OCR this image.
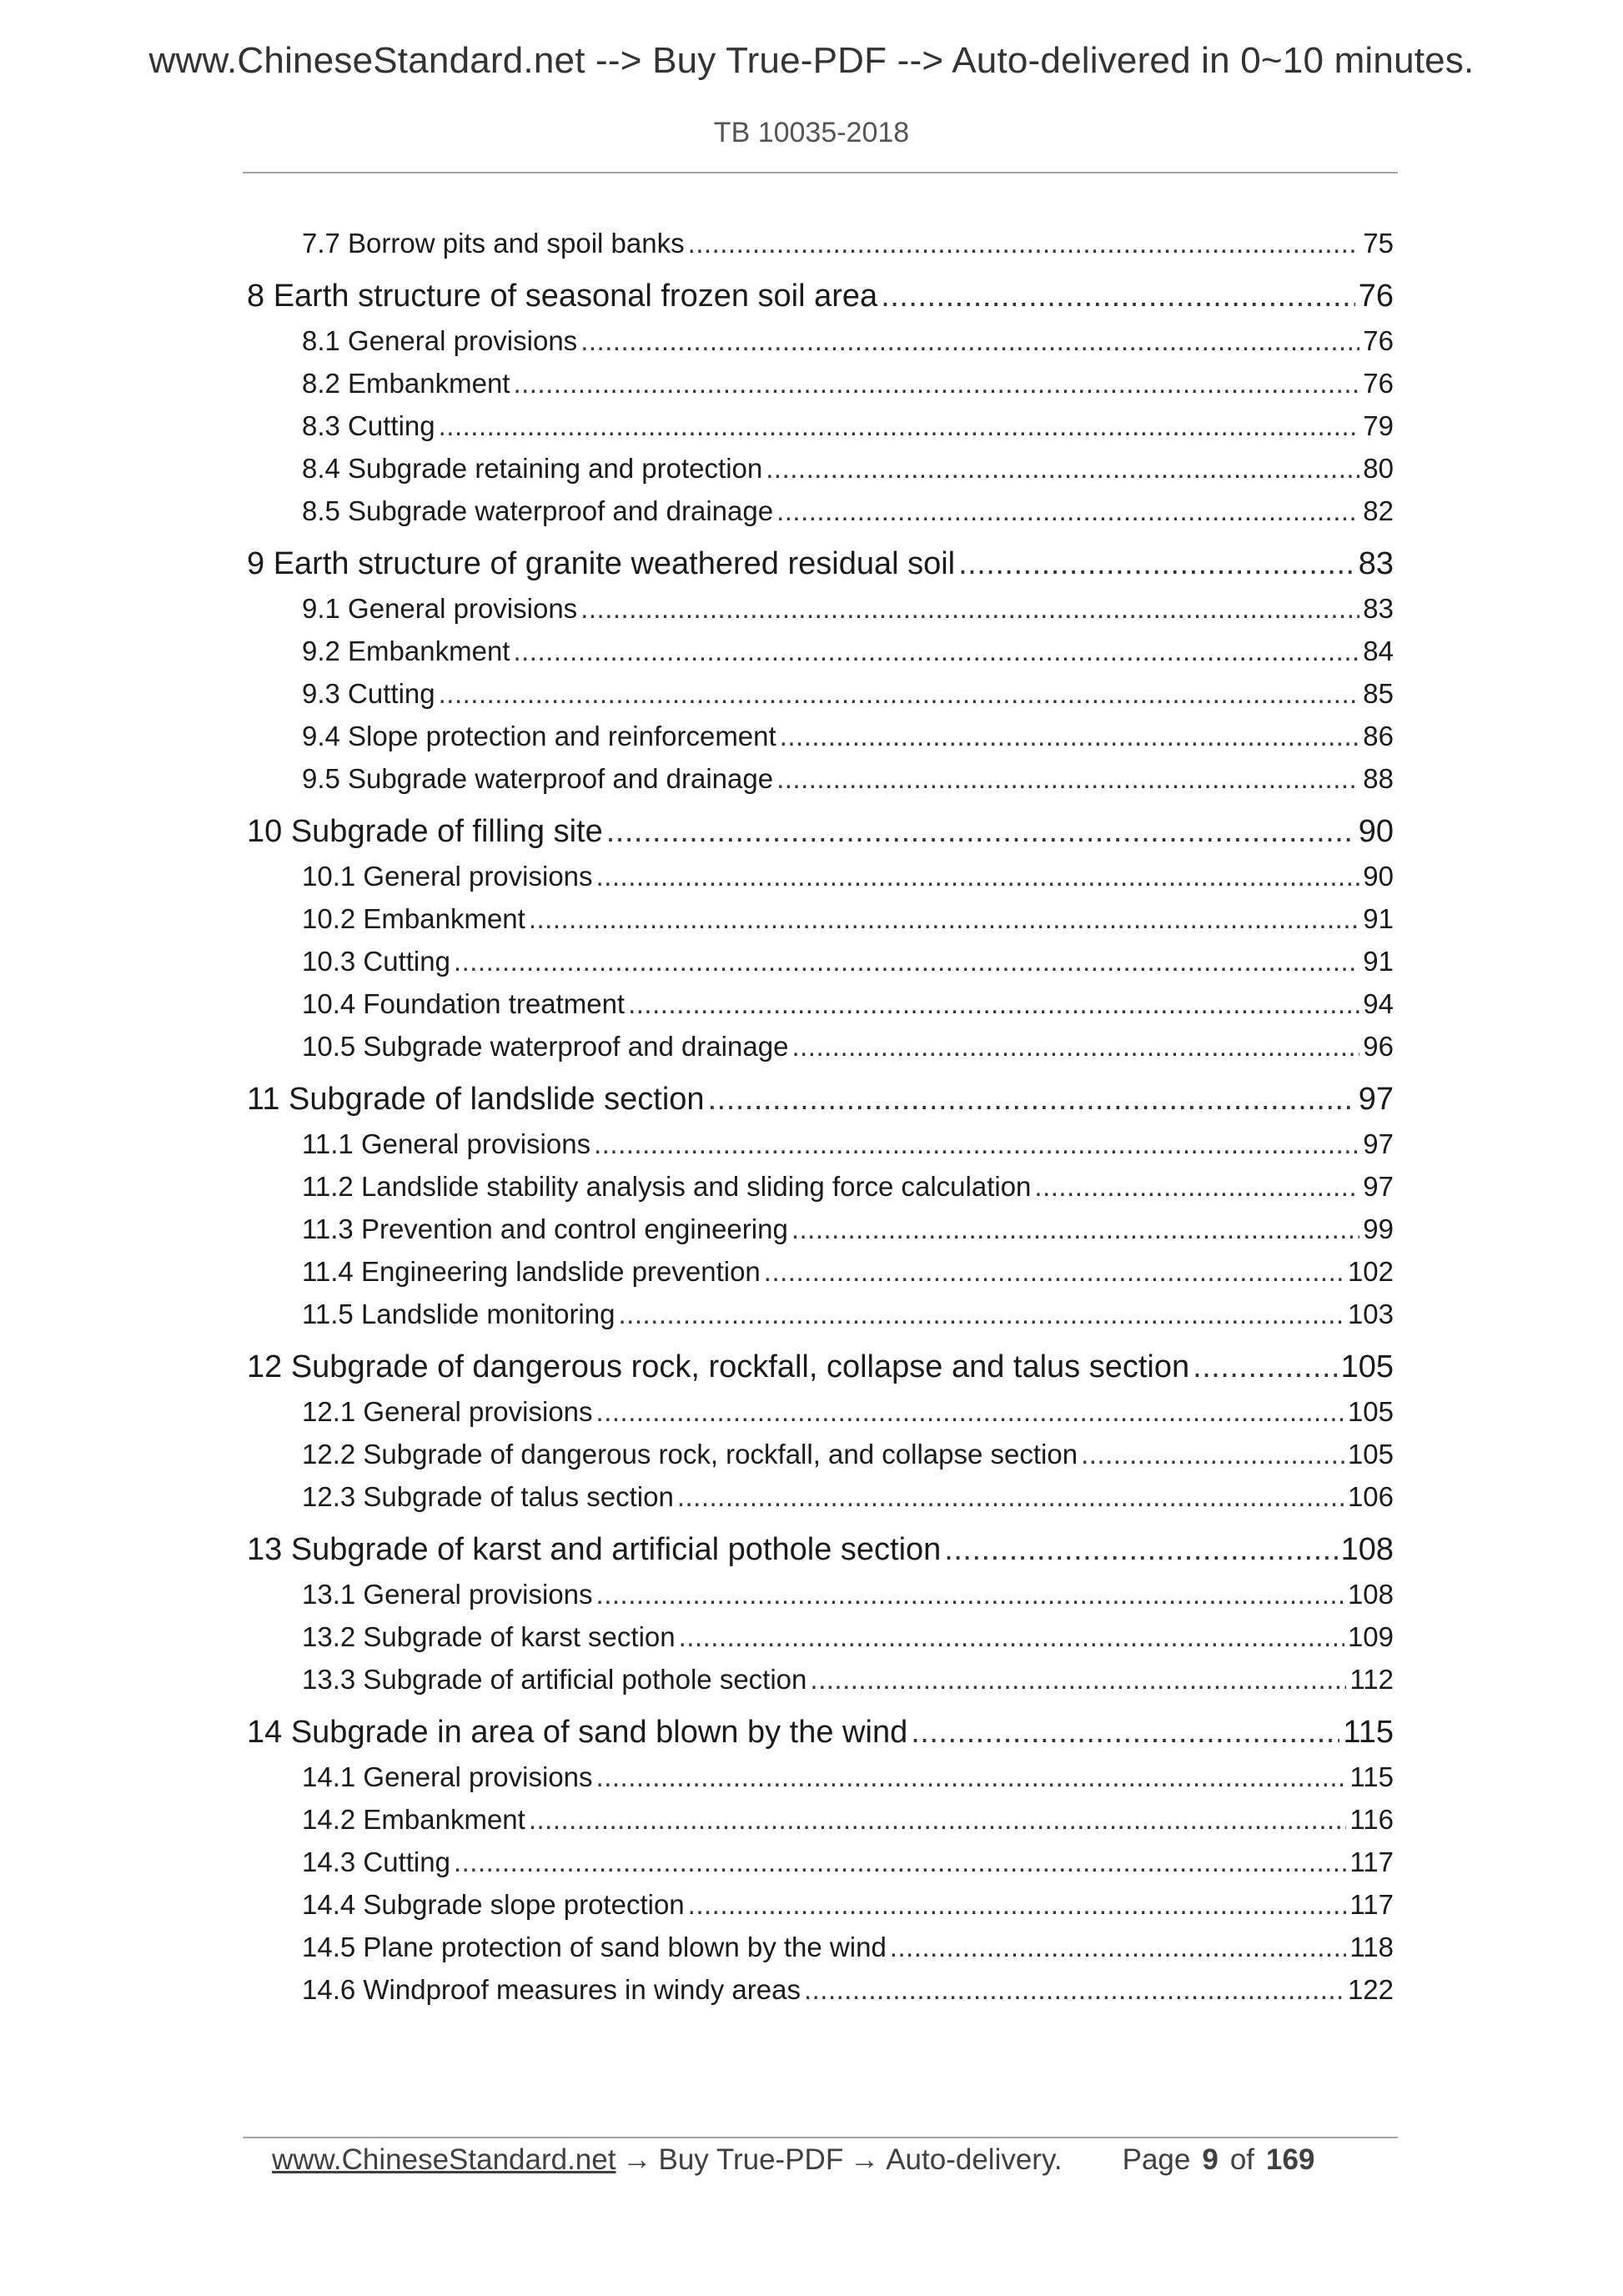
www.ChineseStandard.net --> Buy True-PDF --> Auto-delivered in 0~10 minutes.
TB 10035-2018
7.7 Borrow pits and spoil banks .....	75
8 Earth structure of seasonal frozen soil area .....	76
8.1 General provisions .....	76
8.2 Embankment .....	76
8.3 Cutting .....	79
8.4 Subgrade retaining and protection .....	80
8.5 Subgrade waterproof and drainage .....	82
9 Earth structure of granite weathered residual soil .....	83
9.1 General provisions .....	83
9.2 Embankment .....	84
9.3 Cutting .....	85
9.4 Slope protection and reinforcement .....	86
9.5 Subgrade waterproof and drainage .....	88
10 Subgrade of filling site .....	90
10.1 General provisions .....	90
10.2 Embankment .....	91
10.3 Cutting .....	91
10.4 Foundation treatment .....	94
10.5 Subgrade waterproof and drainage .....	96
11 Subgrade of landslide section .....	97
11.1 General provisions .....	97
11.2 Landslide stability analysis and sliding force calculation .....	97
11.3 Prevention and control engineering .....	99
11.4 Engineering landslide prevention .....	102
11.5 Landslide monitoring .....	103
12 Subgrade of dangerous rock, rockfall, collapse and talus section .....	105
12.1 General provisions .....	105
12.2 Subgrade of dangerous rock, rockfall, and collapse section .....	105
12.3 Subgrade of talus section .....	106
13 Subgrade of karst and artificial pothole section .....	108
13.1 General provisions .....	108
13.2 Subgrade of karst section .....	109
13.3 Subgrade of artificial pothole section .....	112
14 Subgrade in area of sand blown by the wind .....	115
14.1 General provisions .....	115
14.2 Embankment .....	116
14.3 Cutting .....	117
14.4 Subgrade slope protection .....	117
14.5 Plane protection of sand blown by the wind .....	118
14.6 Windproof measures in windy areas .....	122
www.ChineseStandard.net → Buy True-PDF → Auto-delivery. Page 9 of 169
